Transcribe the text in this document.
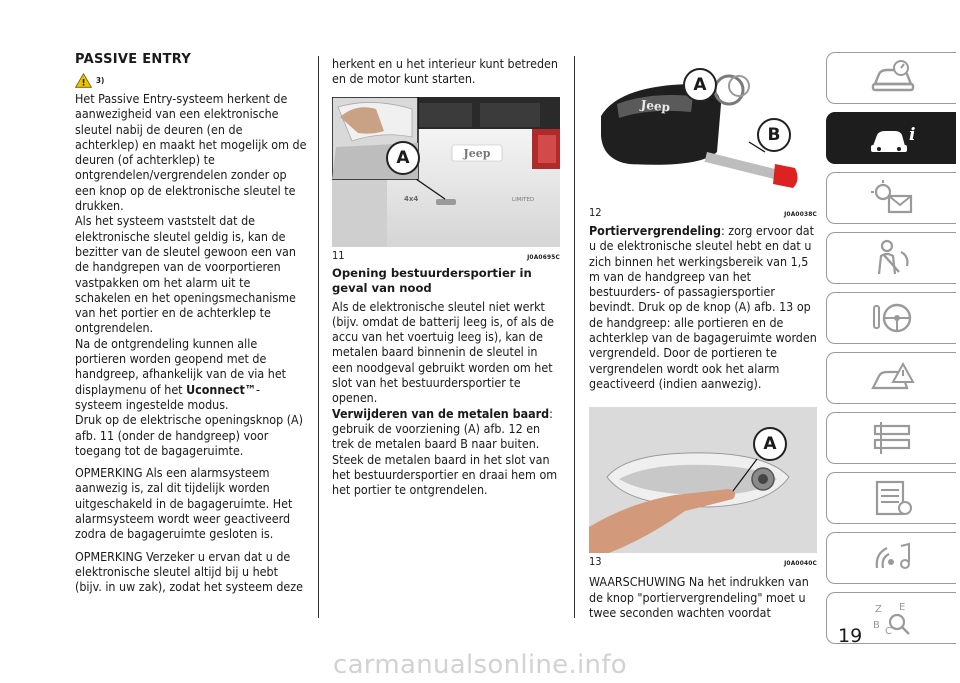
PASSIVE ENTRY
! 3)

Het Passive Entry-systeem herkent de aanwezigheid van een elektronische sleutel nabij de deuren (en de achterklep) en maakt het mogelijk om de deuren (of achterklep) te ontgrendelen/vergrendelen zonder op een knop op de elektronische sleutel te drukken.

Als het systeem vaststelt dat de elektronische sleutel geldig is, kan de bezitter van de sleutel gewoon een van de handgrepen van de voorportieren vastpakken om het alarm uit te schakelen en het openingsmechanisme van het portier en de achterklep te ontgrendelen.

Na de ontgrendeling kunnen alle portieren worden geopend met de handgreep, afhankelijk van de via het displaymenu of het Uconnect™-systeem ingestelde modus.

Druk op de elektrische openingsknop (A) afb. 11 (onder de handgreep) voor toegang tot de bagageruimte.

OPMERKING Als een alarmsysteem aanwezig is, zal dit tijdelijk worden uitgeschakeld in de bagageruimte. Het alarmsysteem wordt weer geactiveerd zodra de bagageruimte gesloten is.

OPMERKING Verzeker u ervan dat u de elektronische sleutel altijd bij u hebt (bijv. in uw zak), zodat het systeem deze

herkent en u het interieur kunt betreden en de motor kunt starten.

Jeep
4x4	LIMITED
A
11	J0A0695C
Opening bestuurdersportier in geval van nood

Als de elektronische sleutel niet werkt (bijv. omdat de batterij leeg is, of als de accu van het voertuig leeg is), kan de metalen baard binnenin de sleutel in een noodgeval gebruikt worden om het slot van het bestuurdersportier te openen.

Verwijderen van de metalen baard: gebruik de voorziening (A) afb. 12 en trek de metalen baard B naar buiten. Steek de metalen baard in het slot van het bestuurdersportier en draai hem om het portier te ontgrendelen.

Jeep
A
B
12	J0A0038C

Portiervergrendeling: zorg ervoor dat u de elektronische sleutel hebt en dat u zich binnen het werkingsbereik van 1,5 m van de handgreep van het bestuurders- of passagiersportier bevindt. Druk op de knop (A) afb. 13 op de handgreep: alle portieren en de achterklep van de bagageruimte worden vergrendeld. Door de portieren te vergrendelen wordt ook het alarm geactiveerd (indien aanwezig).

A
13	J0A0040C

WAARSCHUWING Na het indrukken van de knop "portiervergrendeling" moet u twee seconden wachten voordat

i
Z E
B
C
19
carmanualsonline.info
